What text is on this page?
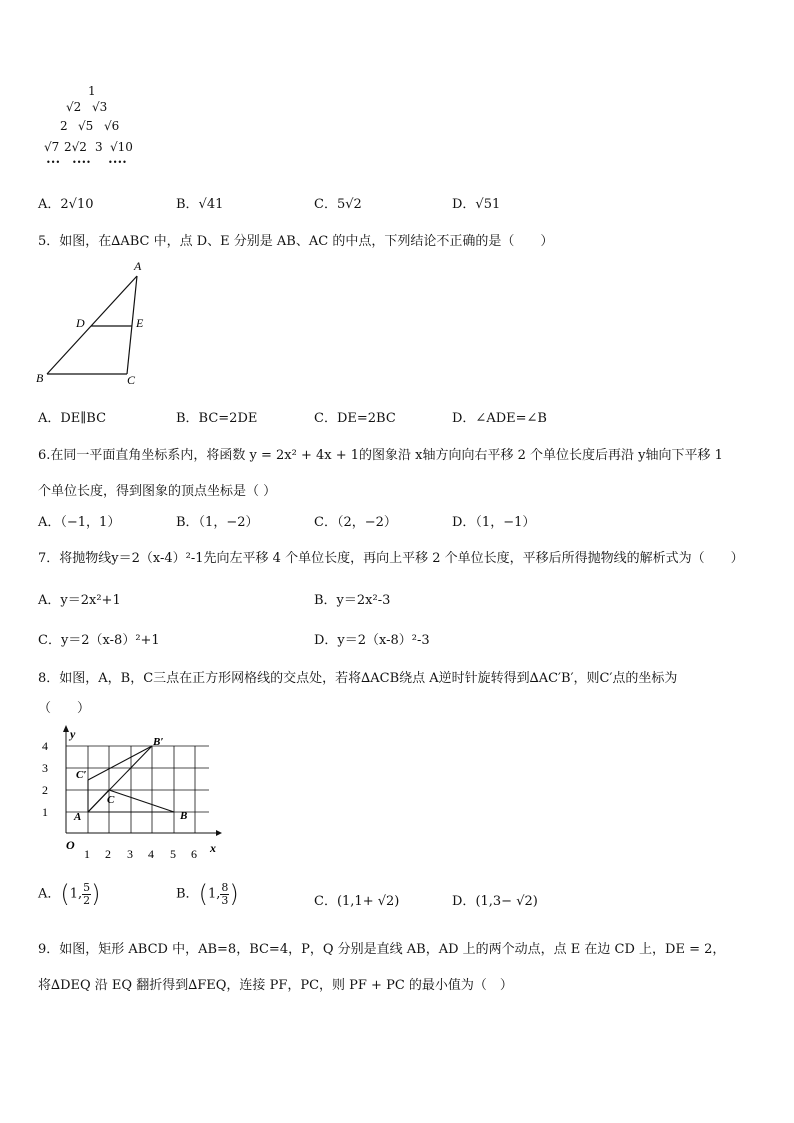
1
√2 √3
2 √5 √6
√7 2√2 3 √10
••• •••• ••••
A．2√10	B．√41	C．5√2	D．√51
5．如图，在∆ABC 中，点 D、E 分别是 AB、AC 的中点，下列结论不正确的是（　　）
A
D	E
B	C
A．DE∥BC	B．BC=2DE	C．DE=2BC	D．∠ADE=∠B
6.在同一平面直角坐标系内，将函数 y = 2x² + 4x + 1的图象沿 x轴方向向右平移 2 个单位长度后再沿 y轴向下平移 1
个单位长度，得到图象的顶点坐标是（ ）
A．（−1，1）	B．（1，−2）	C．（2，−2）	D．（1，−1）
7．将抛物线y＝2（x-4）²-1先向左平移 4 个单位长度，再向上平移 2 个单位长度，平移后所得抛物线的解析式为（　　）
A．y＝2x²+1	B．y＝2x²-3
C．y＝2（x-8）²+1	D．y＝2（x-8）²-3
8．如图，A，B，C三点在正方形网格线的交点处，若将∆ACB绕点 A逆时针旋转得到∆AC′B′，则C′点的坐标为
（　　）
4
3
2
1
1 2 3 4 5 6 x
y
O
A	B
C
C′
B′
A．(1, $\frac{5}{2}$ )	B．(1, $\frac{8}{3}$ )	C．(1,1+ √2)	D．(1,3− √2)
9．如图，矩形 ABCD 中，AB=8，BC=4，P，Q 分别是直线 AB，AD 上的两个动点，点 E 在边 CD 上，DE = 2，
将∆DEQ 沿 EQ 翻折得到∆FEQ，连接 PF，PC，则 PF + PC 的最小值为（　）
